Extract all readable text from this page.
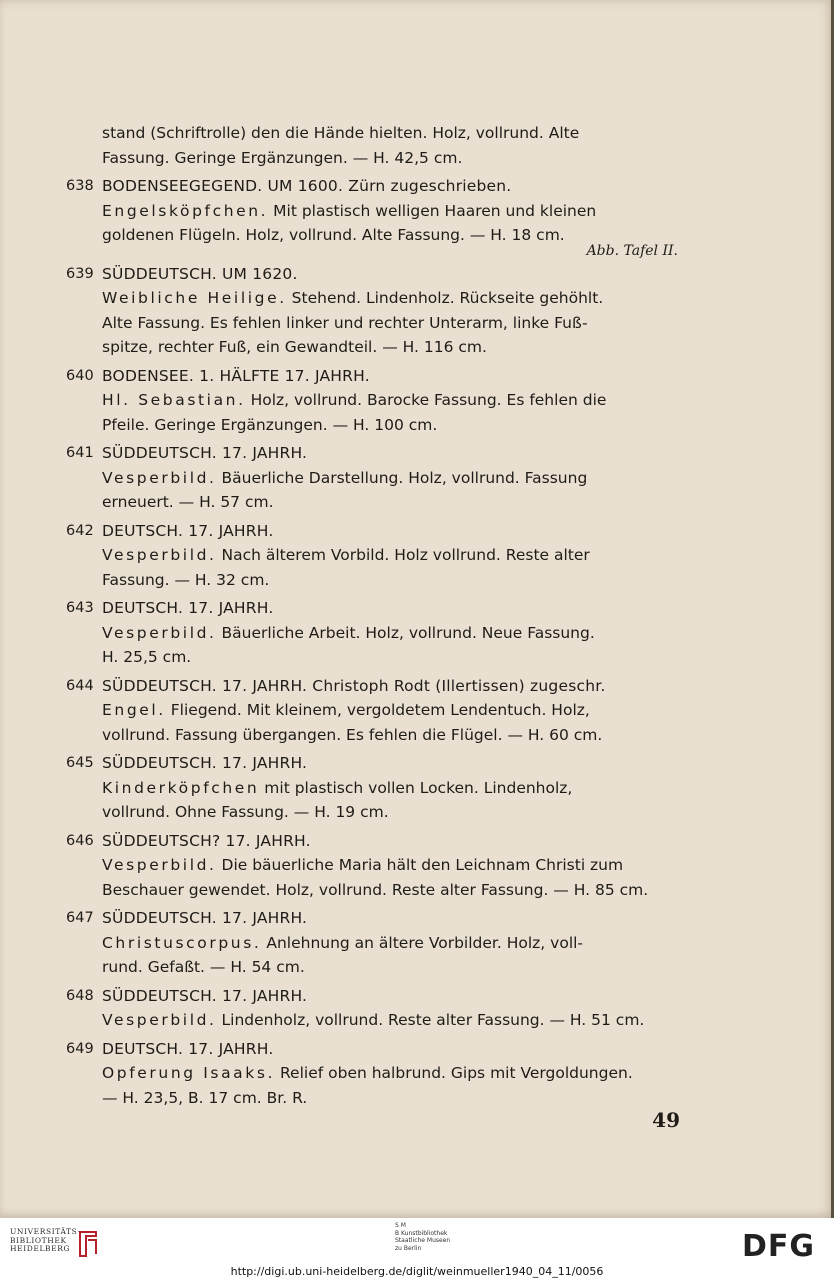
stand (Schriftrolle) den die Hände hielten. Holz, vollrund. Alte
Fassung. Geringe Ergänzungen. — H. 42,5 cm.
638 BODENSEEGEGEND. UM 1600. Zürn zugeschrieben.
Engelsköpfchen. Mit plastisch welligen Haaren und kleinen
goldenen Flügeln. Holz, vollrund. Alte Fassung. — H. 18 cm.
Abb. Tafel II.
639 SÜDDEUTSCH. UM 1620.
Weibliche Heilige. Stehend. Lindenholz. Rückseite gehöhlt.
Alte Fassung. Es fehlen linker und rechter Unterarm, linke Fuß-
spitze, rechter Fuß, ein Gewandteil. — H. 116 cm.
640 BODENSEE. 1. HÄLFTE 17. JAHRH.
Hl. Sebastian. Holz, vollrund. Barocke Fassung. Es fehlen die
Pfeile. Geringe Ergänzungen. — H. 100 cm.
641 SÜDDEUTSCH. 17. JAHRH.
Vesperbild. Bäuerliche Darstellung. Holz, vollrund. Fassung
erneuert. — H. 57 cm.
642 DEUTSCH. 17. JAHRH.
Vesperbild. Nach älterem Vorbild. Holz vollrund. Reste alter
Fassung. — H. 32 cm.
643 DEUTSCH. 17. JAHRH.
Vesperbild. Bäuerliche Arbeit. Holz, vollrund. Neue Fassung.
H. 25,5 cm.
644 SÜDDEUTSCH. 17. JAHRH. Christoph Rodt (Illertissen) zugeschr.
Engel. Fliegend. Mit kleinem, vergoldetem Lendentuch. Holz,
vollrund. Fassung übergangen. Es fehlen die Flügel. — H. 60 cm.
645 SÜDDEUTSCH. 17. JAHRH.
Kinderköpfchen mit plastisch vollen Locken. Lindenholz,
vollrund. Ohne Fassung. — H. 19 cm.
646 SÜDDEUTSCH? 17. JAHRH.
Vesperbild. Die bäuerliche Maria hält den Leichnam Christi zum
Beschauer gewendet. Holz, vollrund. Reste alter Fassung. — H. 85 cm.
647 SÜDDEUTSCH. 17. JAHRH.
Christuscorpus. Anlehnung an ältere Vorbilder. Holz, voll-
rund. Gefaßt. — H. 54 cm.
648 SÜDDEUTSCH. 17. JAHRH.
Vesperbild. Lindenholz, vollrund. Reste alter Fassung. — H. 51 cm.
649 DEUTSCH. 17. JAHRH.
Opferung Isaaks. Relief oben halbrund. Gips mit Vergoldungen.
— H. 23,5, B. 17 cm. Br. R.
49
UNIVERSITÄTS-
BIBLIOTHEK
HEIDELBERG
S M
B Kunstbibliothek
Staatliche Museen
zu Berlin	DFG
http://digi.ub.uni-heidelberg.de/diglit/weinmueller1940_04_11/0056
